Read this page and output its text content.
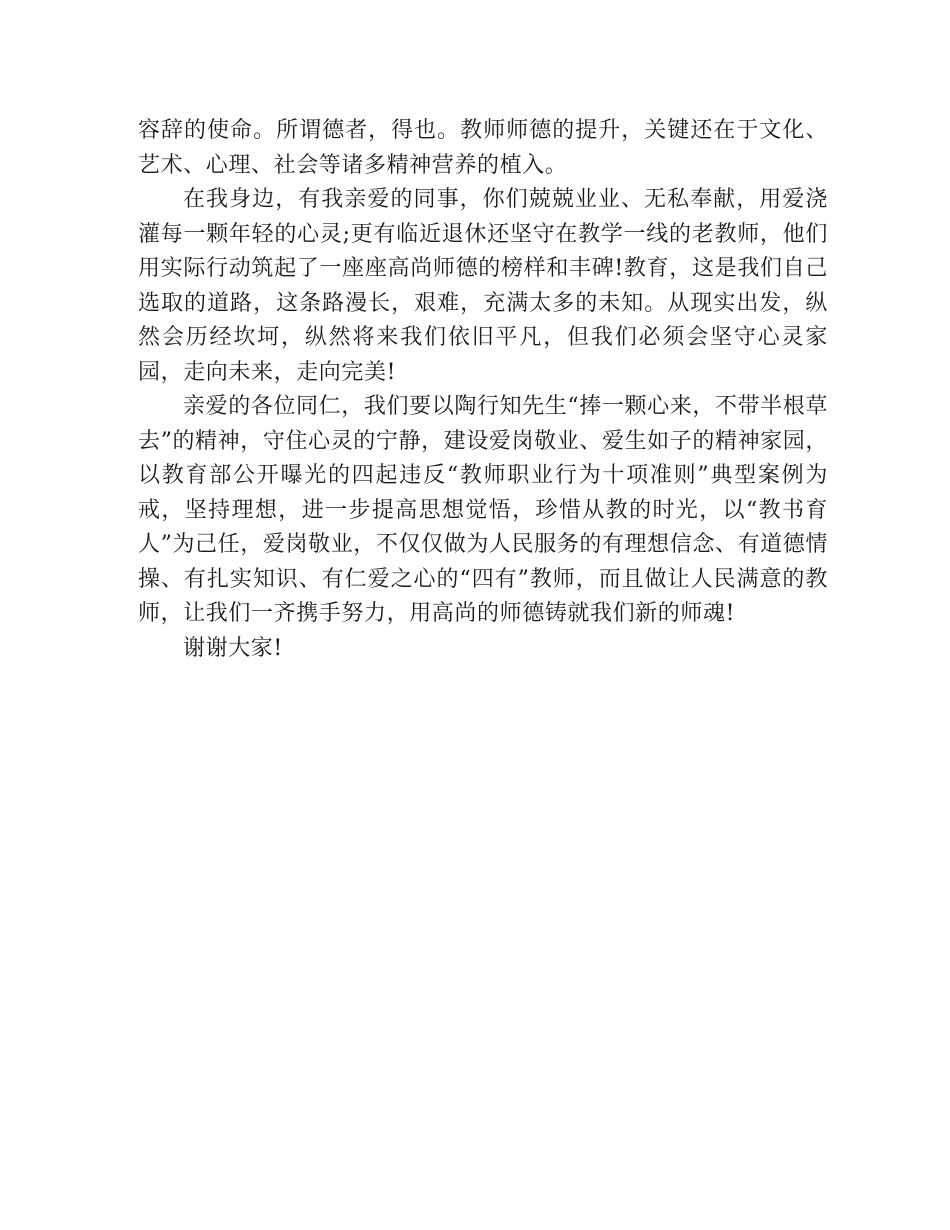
容辞的使命。所谓德者，得也。教师师德的提升，关键还在于文化、艺术、心理、社会等诸多精神营养的植入。

在我身边，有我亲爱的同事，你们兢兢业业、无私奉献，用爱浇灌每一颗年轻的心灵;更有临近退休还坚守在教学一线的老教师，他们用实际行动筑起了一座座高尚师德的榜样和丰碑!教育，这是我们自己选取的道路，这条路漫长，艰难，充满太多的未知。从现实出发，纵然会历经坎坷，纵然将来我们依旧平凡，但我们必须会坚守心灵家园，走向未来，走向完美!

亲爱的各位同仁，我们要以陶行知先生“捧一颗心来，不带半根草去”的精神，守住心灵的宁静，建设爱岗敬业、爱生如子的精神家园，以教育部公开曝光的四起违反“教师职业行为十项准则”典型案例为戒，坚持理想，进一步提高思想觉悟，珍惜从教的时光，以“教书育人”为己任，爱岗敬业，不仅仅做为人民服务的有理想信念、有道德情操、有扎实知识、有仁爱之心的“四有”教师，而且做让人民满意的教师，让我们一齐携手努力，用高尚的师德铸就我们新的师魂!

谢谢大家!
